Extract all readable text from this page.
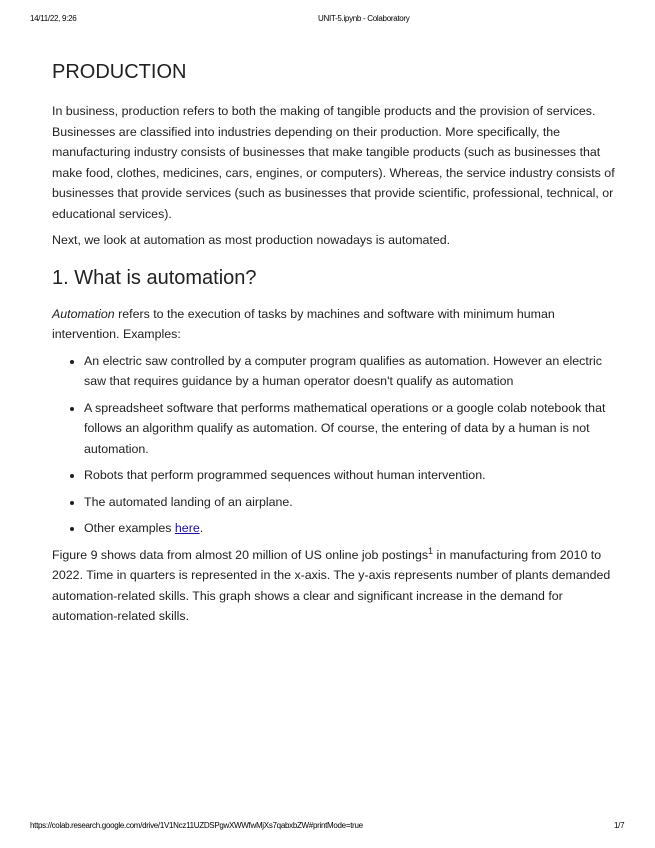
14/11/22, 9:26	UNIT-5.ipynb - Colaboratory
PRODUCTION

In business, production refers to both the making of tangible products and the provision of services. Businesses are classified into industries depending on their production. More specifically, the manufacturing industry consists of businesses that make tangible products (such as businesses that make food, clothes, medicines, cars, engines, or computers). Whereas, the service industry consists of businesses that provide services (such as businesses that provide scientific, professional, technical, or educational services).

Next, we look at automation as most production nowadays is automated.

1. What is automation?

Automation refers to the execution of tasks by machines and software with minimum human intervention. Examples:

• An electric saw controlled by a computer program qualifies as automation. However an electric saw that requires guidance by a human operator doesn't qualify as automation
• A spreadsheet software that performs mathematical operations or a google colab notebook that follows an algorithm qualify as automation. Of course, the entering of data by a human is not automation.
• Robots that perform programmed sequences without human intervention.
• The automated landing of an airplane.
• Other examples here.

Figure 9 shows data from almost 20 million of US online job postings$^1$ in manufacturing from 2010 to 2022. Time in quarters is represented in the x-axis. The y-axis represents number of plants demanded automation-related skills. This graph shows a clear and significant increase in the demand for automation-related skills.

https://colab.research.google.com/drive/1V1Ncz11UZDSPgwXWWfwMjXs7qabxbZW#printMode=true	1/7
